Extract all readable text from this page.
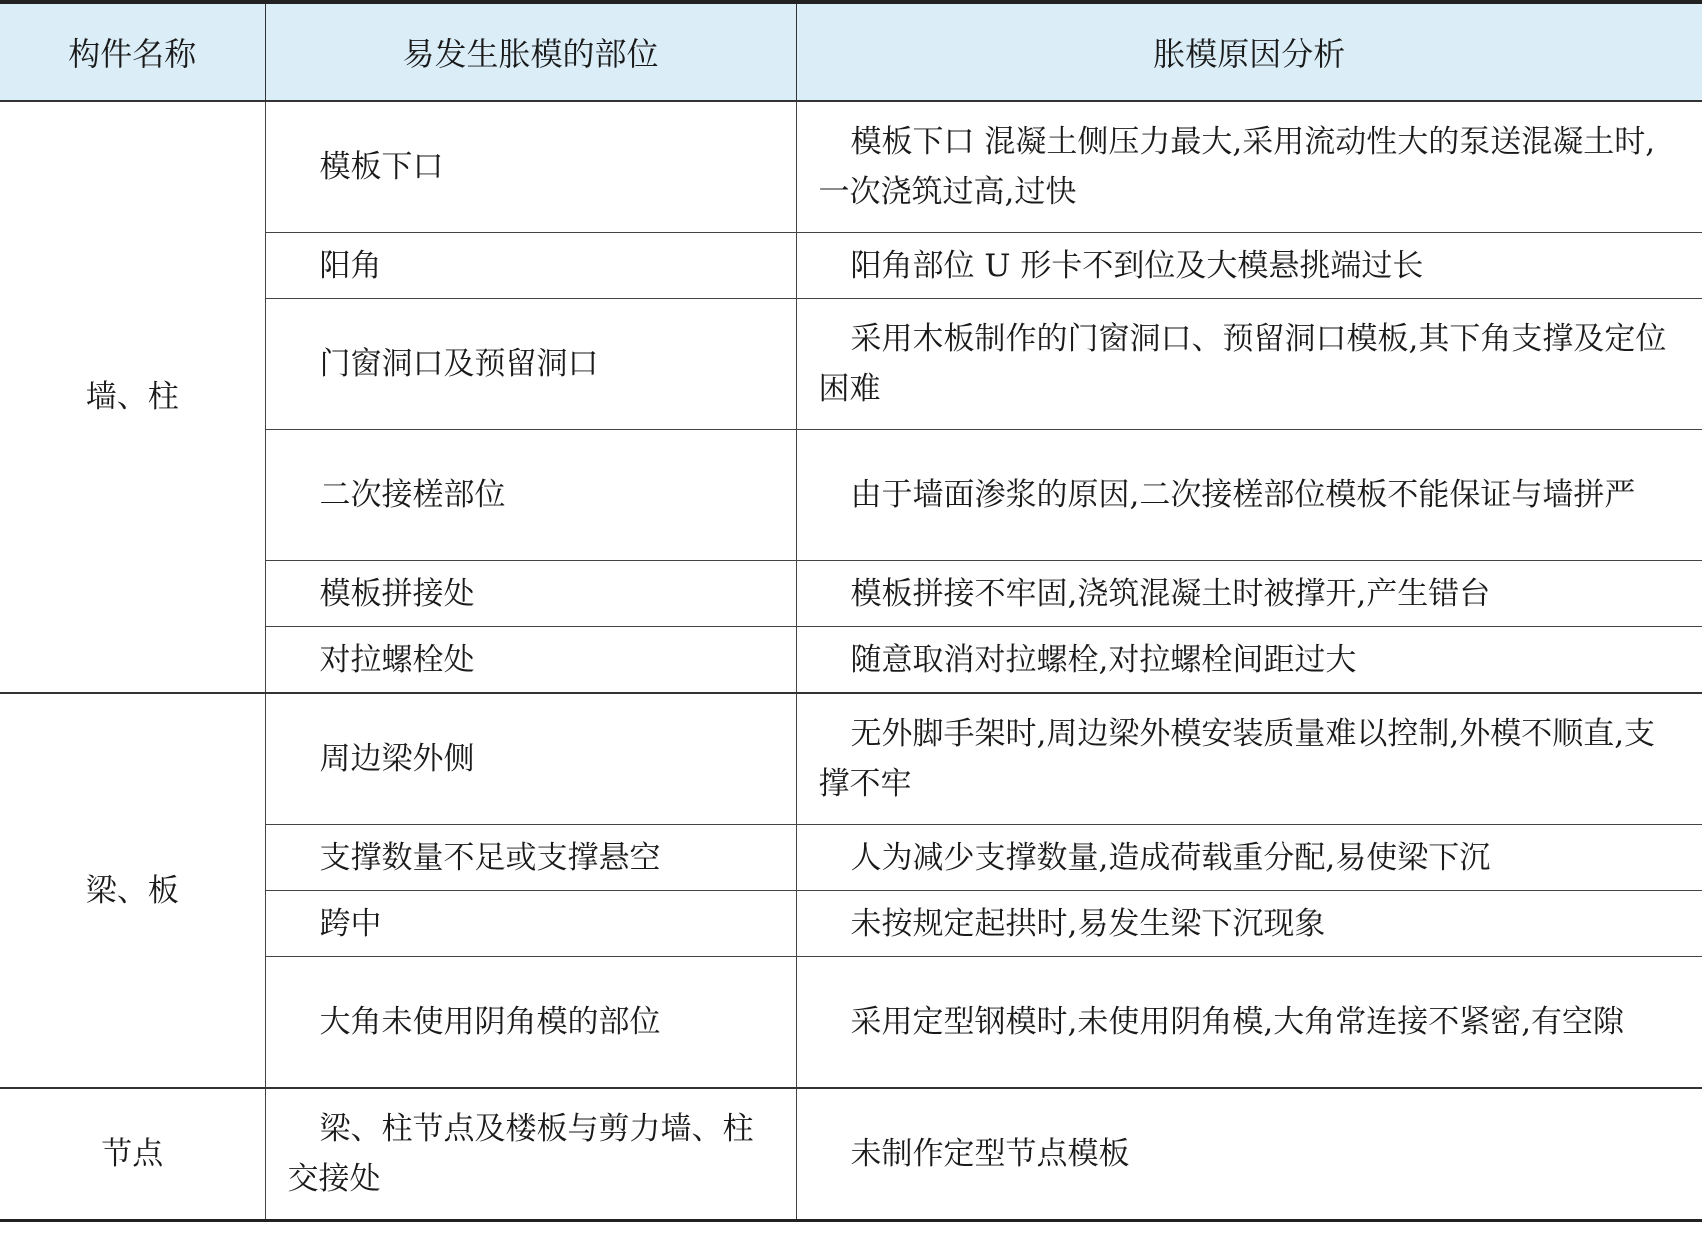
构件名称	易发生胀模的部位	胀模原因分析
墙、柱	模板下口	模板下口 混凝土侧压力最大,采用流动性大的泵送混凝土时,一次浇筑过高,过快
	阳角	阳角部位 U 形卡不到位及大模悬挑端过长
	门窗洞口及预留洞口	采用木板制作的门窗洞口、预留洞口模板,其下角支撑及定位困难
	二次接槎部位	由于墙面渗浆的原因,二次接槎部位模板不能保证与墙拼严
	模板拼接处	模板拼接不牢固,浇筑混凝土时被撑开,产生错台
	对拉螺栓处	随意取消对拉螺栓,对拉螺栓间距过大
梁、板	周边梁外侧	无外脚手架时,周边梁外模安装质量难以控制,外模不顺直,支撑不牢
	支撑数量不足或支撑悬空	人为减少支撑数量,造成荷载重分配,易使梁下沉
	跨中	未按规定起拱时,易发生梁下沉现象
	大角未使用阴角模的部位	采用定型钢模时,未使用阴角模,大角常连接不紧密,有空隙
节点	梁、柱节点及楼板与剪力墙、柱交接处	未制作定型节点模板
